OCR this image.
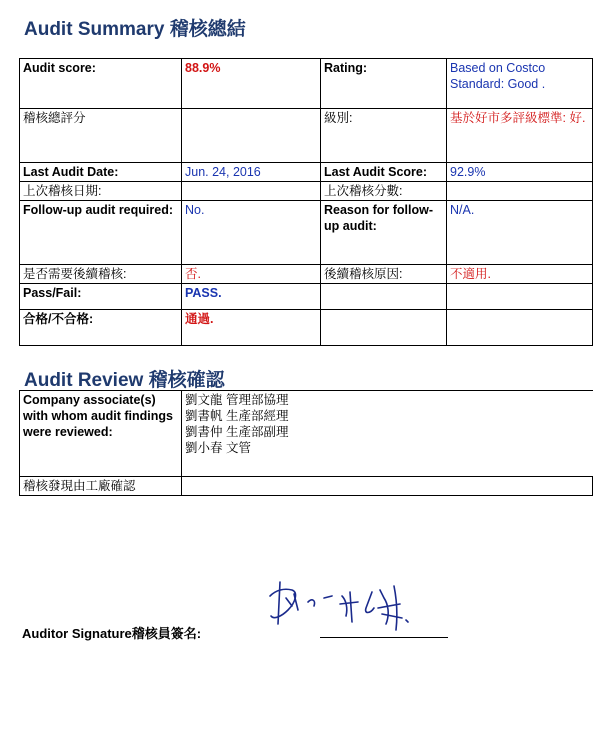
Audit Summary 稽核總結
Audit score:	88.9%	Rating:	Based on Costco Standard: Good .
稽核總評分		級別:	基於好市多評級標準: 好.
Last Audit Date:	Jun. 24, 2016	Last Audit Score:	92.9%
上次稽核日期:		上次稽核分數:	
Follow-up audit required:	No.	Reason for follow-up audit:	N/A.
是否需要後續稽核:	否.	後續稽核原因:	不適用.
Pass/Fail:	PASS.		
合格/不合格:	通過.		
Audit Review 稽核確認
Company associate(s) with whom audit findings were reviewed:	劉文龍 管理部協理
劉書帆 生產部經理
劉書仲 生產部副理
劉小春 文管

稽核發現由工廠確認	
Auditor Signature稽核員簽名:
